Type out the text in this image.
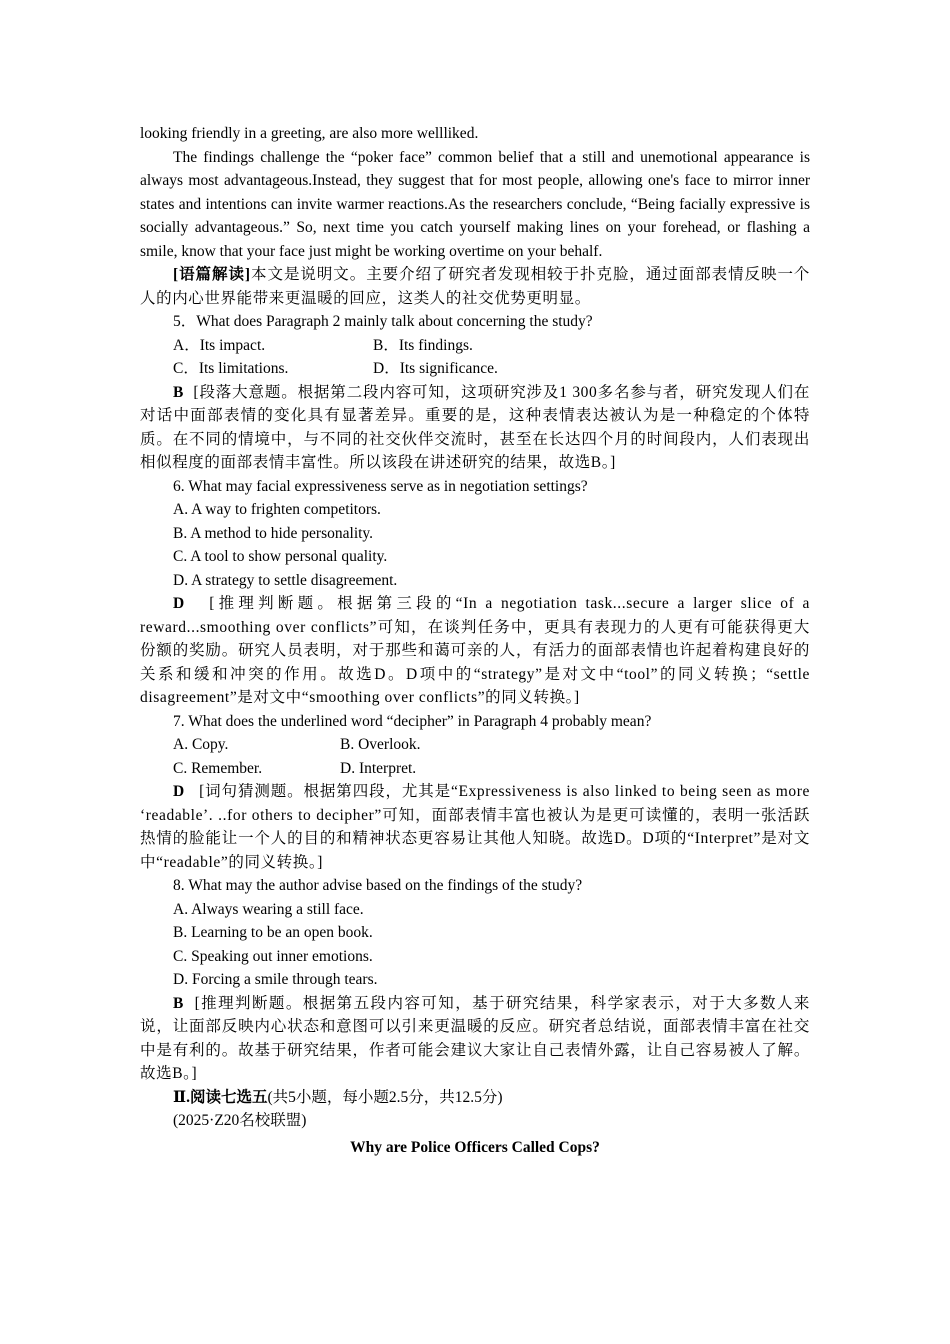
looking friendly in a greeting, are also more wellliked.

The findings challenge the “poker face” common belief that a still and unemotional appearance is always most advantageous.Instead, they suggest that for most people, allowing one's face to mirror inner states and intentions can invite warmer reactions.As the researchers conclude, “Being facially expressive is socially advantageous.” So, next time you catch yourself making lines on your forehead, or flashing a smile, know that your face just might be working overtime on your behalf.

[语篇解读]本文是说明文。主要介绍了研究者发现相较于扑克脸，通过面部表情反映一个人的内心世界能带来更温暖的回应，这类人的社交优势更明显。

5．What does Paragraph 2 mainly talk about concerning the study?

A．Its impact.	B．Its findings.

C．Its limitations.	D．Its significance.

B [段落大意题。根据第二段内容可知，这项研究涉及1 300多名参与者，研究发现人们在对话中面部表情的变化具有显著差异。重要的是，这种表情表达被认为是一种稳定的个体特质。在不同的情境中，与不同的社交伙伴交流时，甚至在长达四个月的时间段内，人们表现出相似程度的面部表情丰富性。所以该段在讲述研究的结果，故选B。]

6. What may facial expressiveness serve as in negotiation settings?

A. A way to frighten competitors.

B. A method to hide personality.

C. A tool to show personal quality.

D. A strategy to settle disagreement.

D [推理判断题。根据第三段的“In a negotiation task...secure a larger slice of a reward...smoothing over conflicts”可知，在谈判任务中，更具有表现力的人更有可能获得更大份额的奖励。研究人员表明，对于那些和蔼可亲的人，有活力的面部表情也许起着构建良好的关系和缓和冲突的作用。故选D。D项中的“strategy”是对文中“tool”的同义转换；“settle disagreement”是对文中“smoothing over conflicts”的同义转换。]

7. What does the underlined word “decipher” in Paragraph 4 probably mean?

A. Copy.	B. Overlook.

C. Remember.	D. Interpret.

D [词句猜测题。根据第四段，尤其是“Expressiveness is also linked to being seen as more ‘readable’. ..for others to decipher”可知，面部表情丰富也被认为是更可读懂的，表明一张活跃热情的脸能让一个人的目的和精神状态更容易让其他人知晓。故选D。D项的“Interpret”是对文中“readable”的同义转换。]

8. What may the author advise based on the findings of the study?

A. Always wearing a still face.

B. Learning to be an open book.

C. Speaking out inner emotions.

D. Forcing a smile through tears.

B [推理判断题。根据第五段内容可知，基于研究结果，科学家表示，对于大多数人来说，让面部反映内心状态和意图可以引来更温暖的反应。研究者总结说，面部表情丰富在社交中是有利的。故基于研究结果，作者可能会建议大家让自己表情外露，让自己容易被人了解。故选B。]

Ⅱ.阅读七选五(共5小题，每小题2.5分，共12.5分)

(2025·Z20名校联盟)

Why are Police Officers Called Cops?
